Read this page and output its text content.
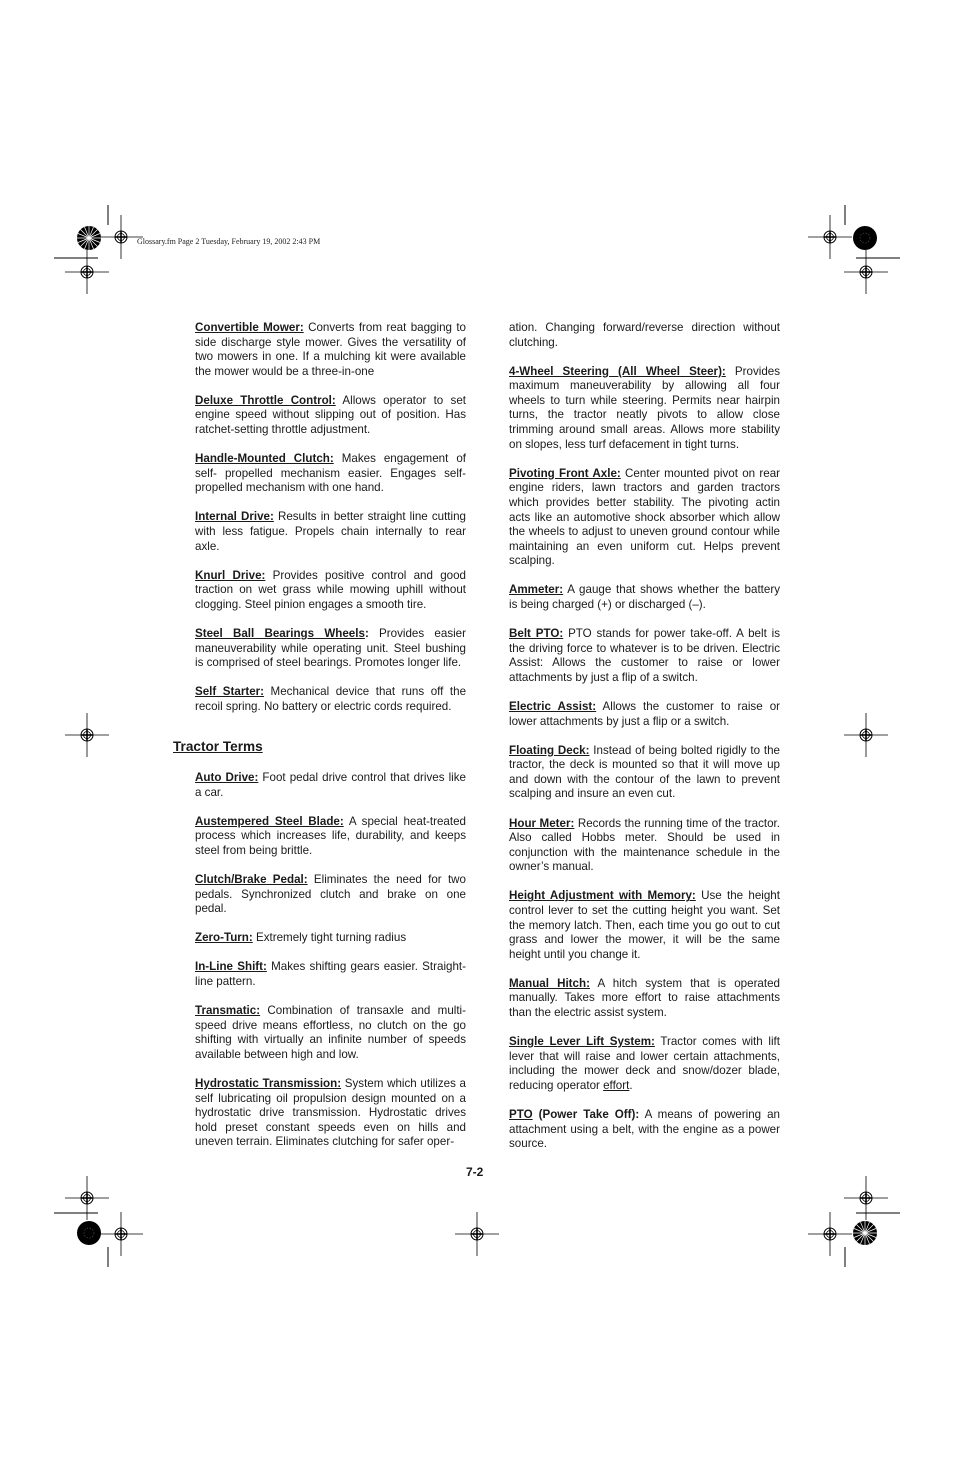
Glossary.fm Page 2 Tuesday, February 19, 2002 2:43 PM

Convertible Mower: Converts from reat bagging to side discharge style mower. Gives the versatility of two mowers in one. If a mulching kit were available the mower would be a three-in-one

Deluxe Throttle Control: Allows operator to set engine speed without slipping out of position. Has ratchet-setting throttle adjustment.

Handle-Mounted Clutch: Makes engagement of self- propelled mechanism easier. Engages self-propelled mechanism with one hand.

Internal Drive: Results in better straight line cutting with less fatigue. Propels chain internally to rear axle.

Knurl Drive: Provides positive control and good traction on wet grass while mowing uphill without clogging. Steel pinion engages a smooth tire.

Steel Ball Bearings Wheels: Provides easier maneuverability while operating unit. Steel bushing is comprised of steel bearings. Promotes longer life.

Self Starter: Mechanical device that runs off the recoil spring. No battery or electric cords required.

Tractor Terms

Auto Drive: Foot pedal drive control that drives like a car.

Austempered Steel Blade: A special heat-treated process which increases life, durability, and keeps steel from being brittle.

Clutch/Brake Pedal: Eliminates the need for two pedals. Synchronized clutch and brake on one pedal.

Zero-Turn: Extremely tight turning radius

In-Line Shift: Makes shifting gears easier. Straight-line pattern.

Transmatic: Combination of transaxle and multi-speed drive means effortless, no clutch on the go shifting with virtually an infinite number of speeds available between high and low.

Hydrostatic Transmission: System which utilizes a self lubricating oil propulsion design mounted on a hydrostatic drive transmission. Hydrostatic drives hold preset constant speeds even on hills and uneven terrain. Eliminates clutching for safer oper-

ation. Changing forward/reverse direction without clutching.

4-Wheel Steering (All Wheel Steer): Provides maximum maneuverability by allowing all four wheels to turn while steering. Permits near hairpin turns, the tractor neatly pivots to allow close trimming around small areas. Allows more stability on slopes, less turf defacement in tight turns.

Pivoting Front Axle: Center mounted pivot on rear engine riders, lawn tractors and garden tractors which provides better stability. The pivoting actin acts like an automotive shock absorber which allow the wheels to adjust to uneven ground contour while maintaining an even uniform cut. Helps prevent scalping.

Ammeter: A gauge that shows whether the battery is being charged (+) or discharged (–).

Belt PTO: PTO stands for power take-off. A belt is the driving force to whatever is to be driven. Electric Assist: Allows the customer to raise or lower attachments by just a flip of a switch.

Electric Assist: Allows the customer to raise or lower attachments by just a flip or a switch.

Floating Deck: Instead of being bolted rigidly to the tractor, the deck is mounted so that it will move up and down with the contour of the lawn to prevent scalping and insure an even cut.

Hour Meter: Records the running time of the tractor. Also called Hobbs meter. Should be used in conjunction with the maintenance schedule in the owner’s manual.

Height Adjustment with Memory: Use the height control lever to set the cutting height you want. Set the memory latch. Then, each time you go out to cut grass and lower the mower, it will be the same height until you change it.

Manual Hitch: A hitch system that is operated manually. Takes more effort to raise attachments than the electric assist system.

Single Lever Lift System: Tractor comes with lift lever that will raise and lower certain attachments, including the mower deck and snow/dozer blade, reducing operator effort.

PTO (Power Take Off): A means of powering an attachment using a belt, with the engine as a power source.

7-2
